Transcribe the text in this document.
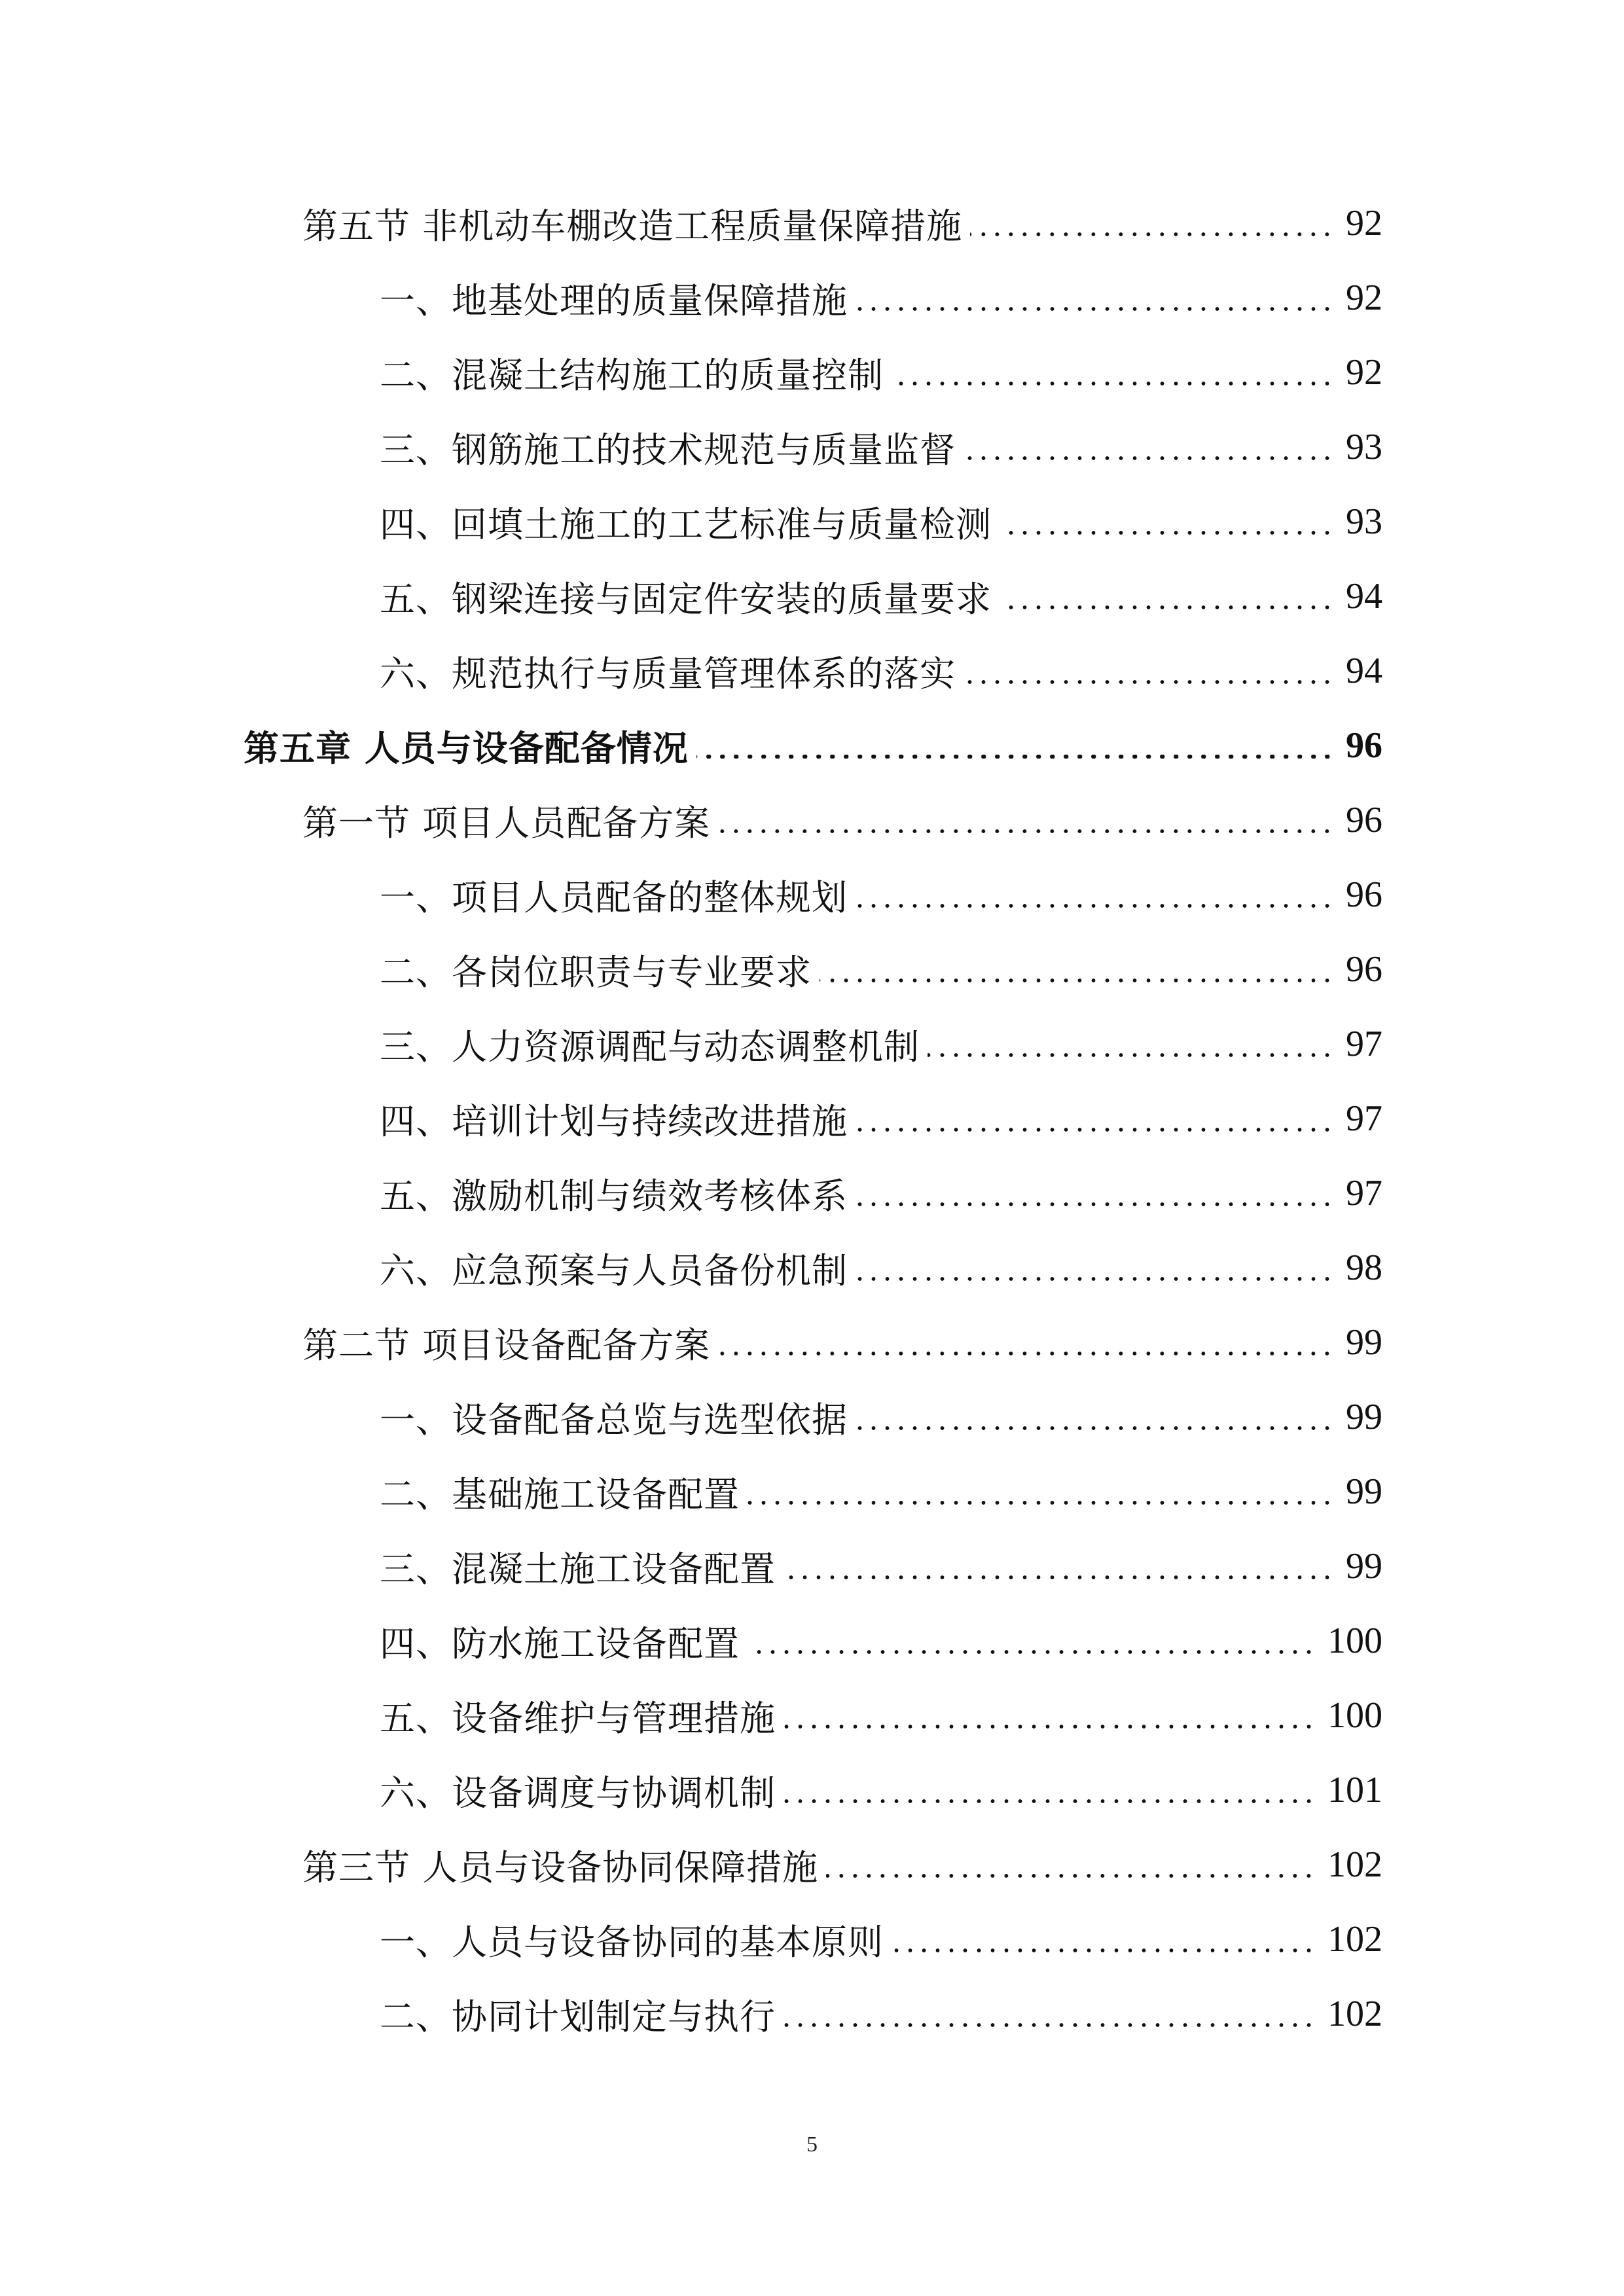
第五节 非机动车棚改造工程质量保障措施	92
一、地基处理的质量保障措施	92
二、混凝土结构施工的质量控制	92
三、钢筋施工的技术规范与质量监督	93
四、回填土施工的工艺标准与质量检测	93
五、钢梁连接与固定件安装的质量要求	94
六、规范执行与质量管理体系的落实	94
第五章 人员与设备配备情况	96
第一节 项目人员配备方案	96
一、项目人员配备的整体规划	96
二、各岗位职责与专业要求	96
三、人力资源调配与动态调整机制	97
四、培训计划与持续改进措施	97
五、激励机制与绩效考核体系	97
六、应急预案与人员备份机制	98
第二节 项目设备配备方案	99
一、设备配备总览与选型依据	99
二、基础施工设备配置	99
三、混凝土施工设备配置	99
四、防水施工设备配置	100
五、设备维护与管理措施	100
六、设备调度与协调机制	101
第三节 人员与设备协同保障措施	102
一、人员与设备协同的基本原则	102
二、协同计划制定与执行	102
5
